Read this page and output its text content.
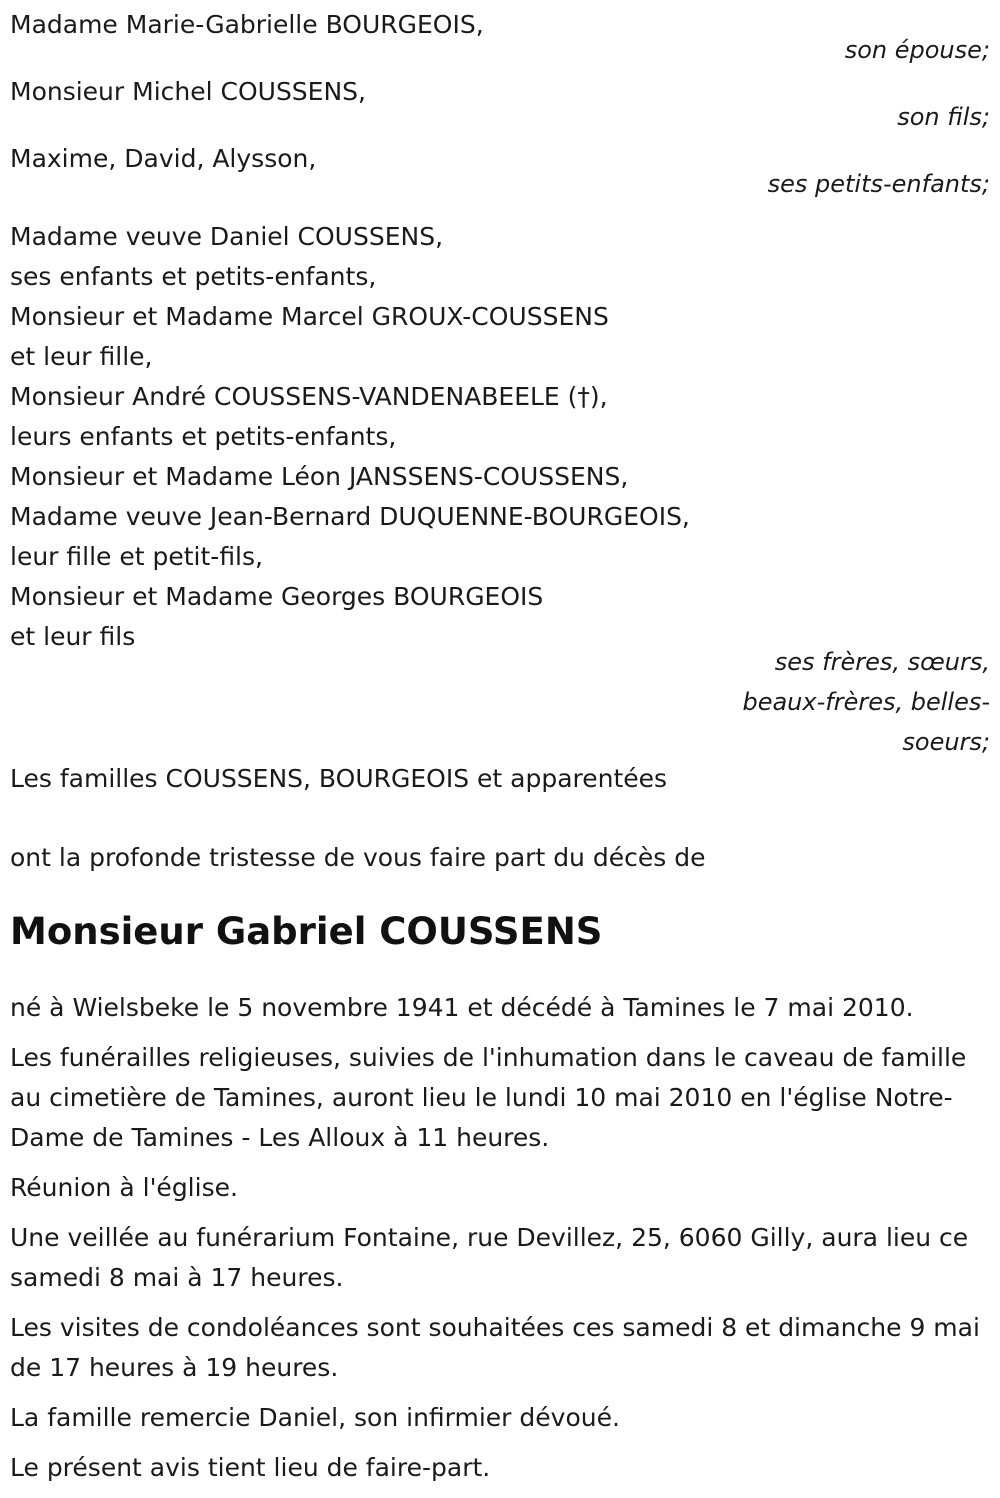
Madame Marie-Gabrielle BOURGEOIS,
son épouse;
Monsieur Michel COUSSENS,
son fils;
Maxime, David, Alysson,
ses petits-enfants;
Madame veuve Daniel COUSSENS,
ses enfants et petits-enfants,
Monsieur et Madame Marcel GROUX-COUSSENS
et leur fille,
Monsieur André COUSSENS-VANDENABEELE (†),
leurs enfants et petits-enfants,
Monsieur et Madame Léon JANSSENS-COUSSENS,
Madame veuve Jean-Bernard DUQUENNE-BOURGEOIS,
leur fille et petit-fils,
Monsieur et Madame Georges BOURGEOIS
et leur fils
ses frères, sœurs,
beaux-frères, belles-
soeurs;
Les familles COUSSENS, BOURGEOIS et apparentées
ont la profonde tristesse de vous faire part du décès de
Monsieur Gabriel COUSSENS
né à Wielsbeke le 5 novembre 1941 et décédé à Tamines le 7 mai 2010.
Les funérailles religieuses, suivies de l'inhumation dans le caveau de famille au cimetière de Tamines, auront lieu le lundi 10 mai 2010 en l'église Notre-Dame de Tamines - Les Alloux à 11 heures.
Réunion à l'église.
Une veillée au funérarium Fontaine, rue Devillez, 25, 6060 Gilly, aura lieu ce samedi 8 mai à 17 heures.
Les visites de condoléances sont souhaitées ces samedi 8 et dimanche 9 mai de 17 heures à 19 heures.
La famille remercie Daniel, son infirmier dévoué.
Le présent avis tient lieu de faire-part.
